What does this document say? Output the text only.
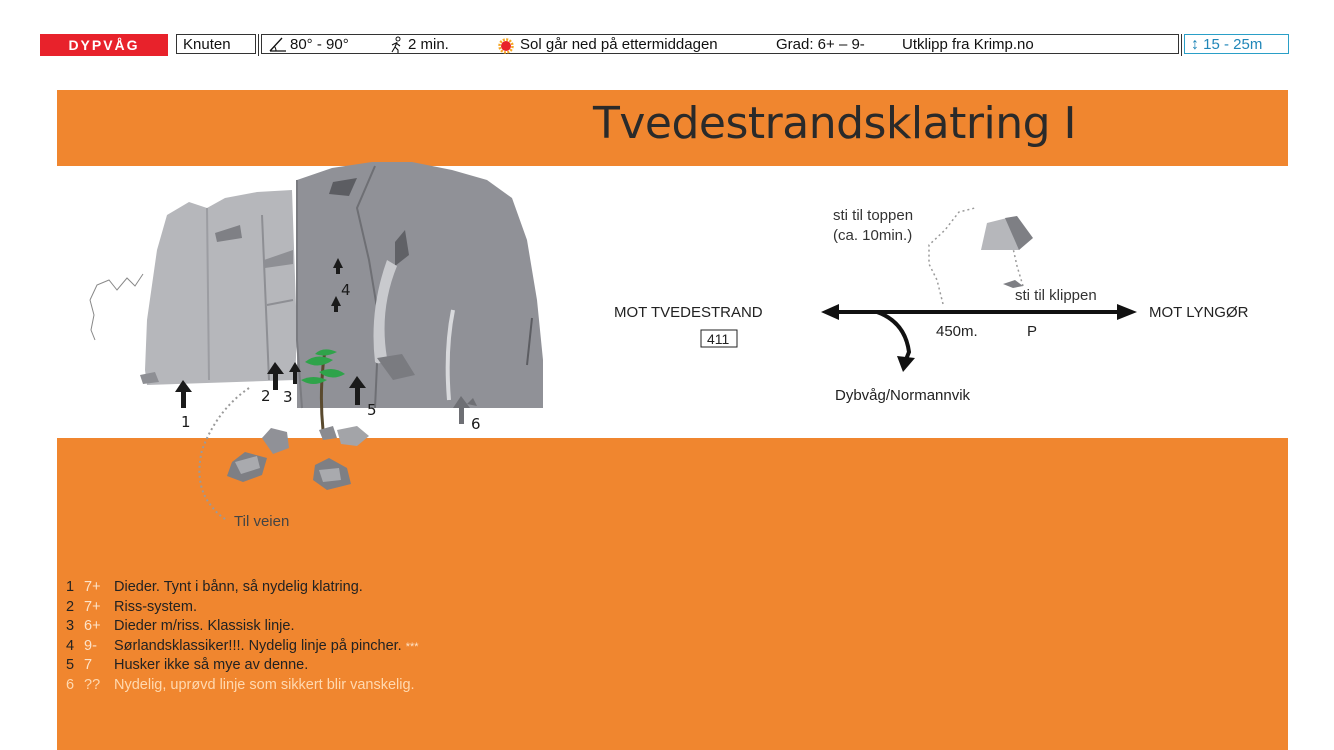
DYPVÅG	Knuten	80° - 90°	2 min.	Sol går ned på ettermiddagen	Grad: 6+ – 9- Utklipp fra Krimp.no	↕ 15 - 25m
Tvedestrandsklatring I
1
2 3
4
5
6
Til veien
sti til toppen
(ca. 10min.)
sti til klippen
MOT TVEDESTRAND
411	450m.	P
MOT LYNGØR
Dybvåg/Normannvik
1 7+ Dieder. Tynt i bånn, så nydelig klatring.
2 7+ Riss-system.
3 6+ Dieder m/riss. Klassisk linje.
4 9- Sørlandsklassiker!!!. Nydelig linje på pincher. ***
5 7 Husker ikke så mye av denne.
6 ?? Nydelig, uprøvd linje som sikkert blir vanskelig.
